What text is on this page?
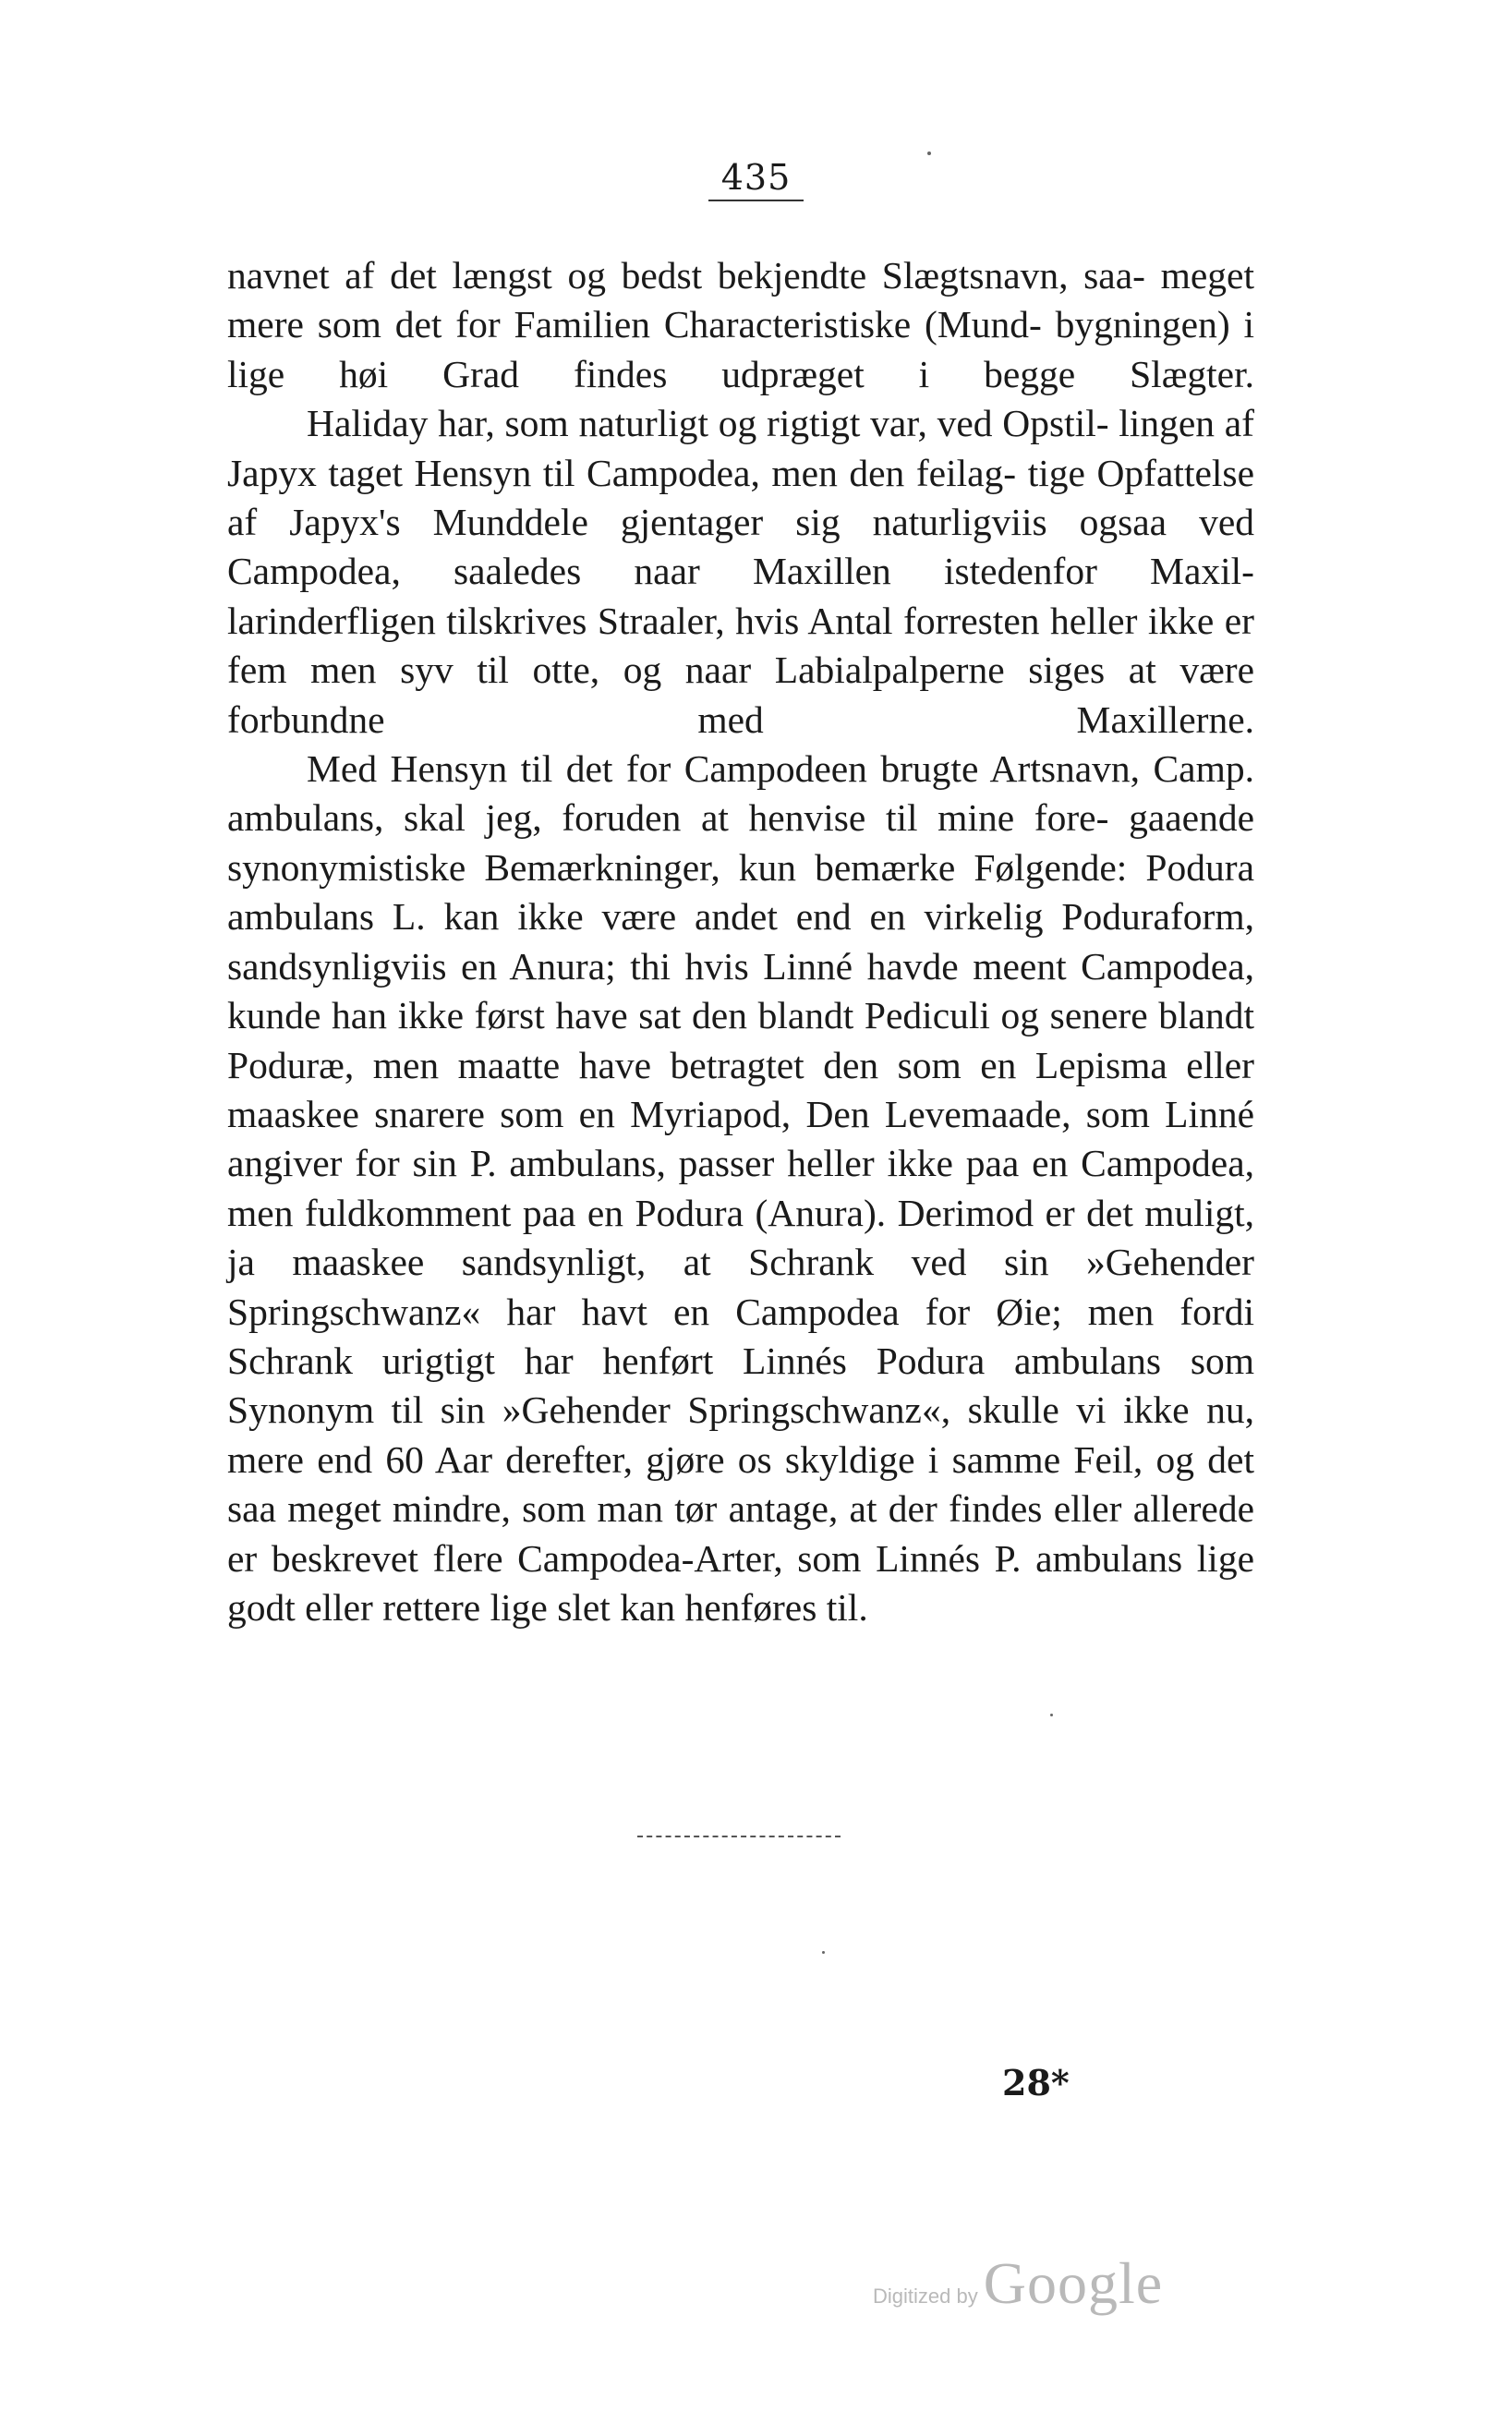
435

navnet af det længst og bedst bekjendte Slægtsnavn, saa- meget mere som det for Familien Characteristiske (Mund- bygningen) i lige høi Grad findes udpræget i begge Slægter.

Haliday har, som naturligt og rigtigt var, ved Opstil- lingen af Japyx taget Hensyn til Campodea, men den feilag- tige Opfattelse af Japyx's Munddele gjentager sig naturligviis ogsaa ved Campodea, saaledes naar Maxillen istedenfor Maxil- larinderfligen tilskrives Straaler, hvis Antal forresten heller ikke er fem men syv til otte, og naar Labialpalperne siges at være forbundne med Maxillerne.

Med Hensyn til det for Campodeen brugte Artsnavn, Camp. ambulans, skal jeg, foruden at henvise til mine fore- gaaende synonymistiske Bemærkninger, kun bemærke Følgende: Podura ambulans L. kan ikke være andet end en virkelig Poduraform, sandsynligviis en Anura; thi hvis Linné havde meent Campodea, kunde han ikke først have sat den blandt Pediculi og senere blandt Poduræ, men maatte have betragtet den som en Lepisma eller maaskee snarere som en Myriapod, Den Levemaade, som Linné angiver for sin P. ambulans, passer heller ikke paa en Campodea, men fuldkomment paa en Podura (Anura). Derimod er det muligt, ja maaskee sandsynligt, at Schrank ved sin »Gehender Springschwanz« har havt en Campodea for Øie; men fordi Schrank urigtigt har henført Linnés Podura ambulans som Synonym til sin »Gehender Springschwanz«, skulle vi ikke nu, mere end 60 Aar derefter, gjøre os skyldige i samme Feil, og det saa meget mindre, som man tør antage, at der findes eller allerede er beskrevet flere Campodea-Arter, som Linnés P. ambulans lige godt eller rettere lige slet kan henføres til.

28*
Digitized by Google
